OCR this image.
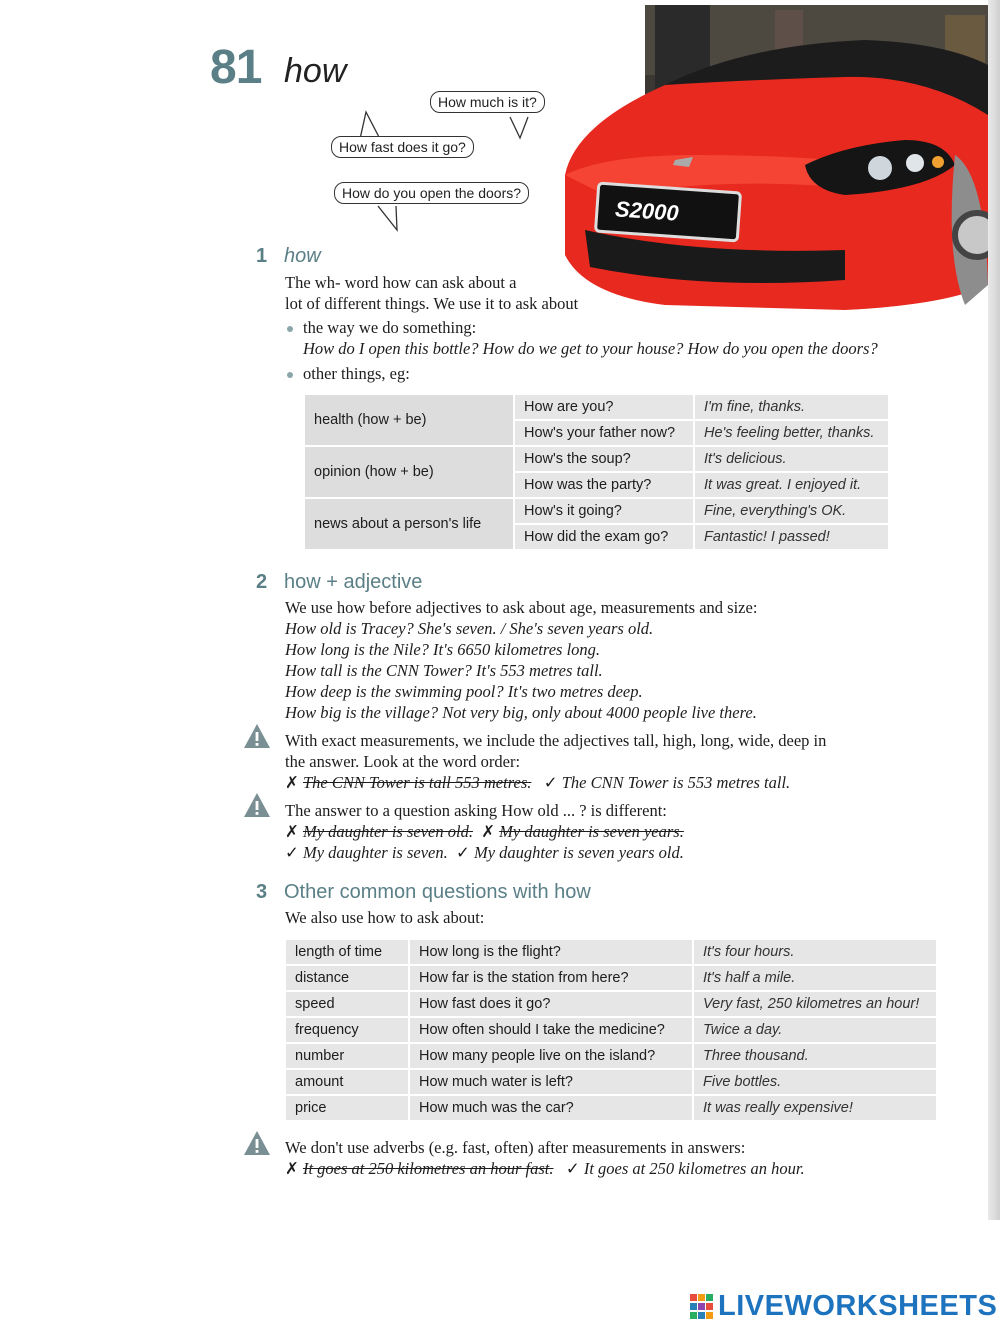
81 how
S2000
How much is it?
How fast does it go?
How do you open the doors?
1 how
The wh- word how can ask about a
lot of different things. We use it to ask about
the way we do something:
How do I open this bottle? How do we get to your house? How do you open the doors?
other things, eg:
health (how + be)	How are you?	I'm fine, thanks.
	How's your father now?	He's feeling better, thanks.
opinion (how + be)	How's the soup?	It's delicious.
	How was the party?	It was great. I enjoyed it.
news about a person's life	How's it going?	Fine, everything's OK.
	How did the exam go?	Fantastic! I passed!
2 how + adjective
We use how before adjectives to ask about age, measurements and size:
How old is Tracey? She's seven. / She's seven years old.
How long is the Nile? It's 6650 kilometres long.
How tall is the CNN Tower? It's 553 metres tall.
How deep is the swimming pool? It's two metres deep.
How big is the village? Not very big, only about 4000 people live there.
With exact measurements, we include the adjectives tall, high, long, wide, deep in
the answer. Look at the word order:
✗ The CNN Tower is tall 553 metres. ✓ The CNN Tower is 553 metres tall.
The answer to a question asking How old ... ? is different:
✗ My daughter is seven old. ✗ My daughter is seven years.
✓ My daughter is seven. ✓ My daughter is seven years old.
3 Other common questions with how
We also use how to ask about:
length of time	How long is the flight?	It's four hours.
distance	How far is the station from here?	It's half a mile.
speed	How fast does it go?	Very fast, 250 kilometres an hour!
frequency	How often should I take the medicine?	Twice a day.
number	How many people live on the island?	Three thousand.
amount	How much water is left?	Five bottles.
price	How much was the car?	It was really expensive!
We don't use adverbs (e.g. fast, often) after measurements in answers:
✗ It goes at 250 kilometres an hour fast. ✓ It goes at 250 kilometres an hour.
LIVEWORKSHEETS
